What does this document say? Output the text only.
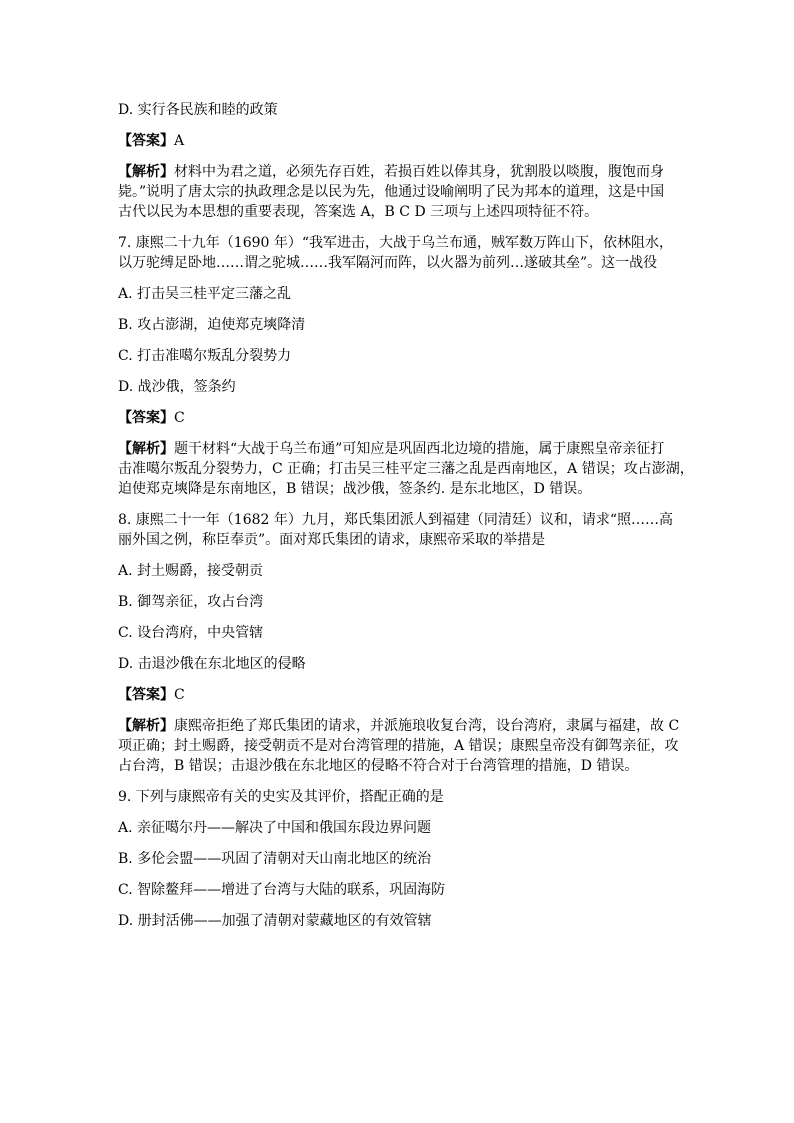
D. 实行各民族和睦的政策
【答案】A
【解析】材料中为君之道，必须先存百姓，若损百姓以俸其身，犹割股以啖腹，腹饱而身
毙。”说明了唐太宗的执政理念是以民为先，他通过设喻阐明了民为邦本的道理，这是中国
古代以民为本思想的重要表现，答案选 A，B C D 三项与上述四项特征不符。
7. 康熙二十九年（1690 年）“我军进击，大战于乌兰布通，贼军数万阵山下，依林阻水，
以万驼缚足卧地……谓之驼城……我军隔河而阵，以火器为前列…遂破其垒”。这一战役
A. 打击吴三桂平定三藩之乱
B. 攻占澎湖，迫使郑克塽降清
C. 打击准噶尔叛乱分裂势力
D. 战沙俄，签条约
【答案】C
【解析】题干材料“大战于乌兰布通”可知应是巩固西北边境的措施，属于康熙皇帝亲征打
击准噶尔叛乱分裂势力，C 正确；打击吴三桂平定三藩之乱是西南地区，A 错误；攻占澎湖，
迫使郑克塽降是东南地区，B 错误；战沙俄，签条约. 是东北地区，D 错误。
8. 康熙二十一年（1682 年）九月，郑氏集团派人到福建（同清廷）议和，请求“照……高
丽外国之例，称臣奉贡”。面对郑氏集团的请求，康熙帝采取的举措是
A. 封土赐爵，接受朝贡
B. 御驾亲征，攻占台湾
C. 设台湾府，中央管辖
D. 击退沙俄在东北地区的侵略
【答案】C
【解析】康熙帝拒绝了郑氏集团的请求，并派施琅收复台湾，设台湾府，隶属与福建，故 C
项正确；封土赐爵，接受朝贡不是对台湾管理的措施，A 错误；康熙皇帝没有御驾亲征，攻
占台湾，B 错误；击退沙俄在东北地区的侵略不符合对于台湾管理的措施，D 错误。
9. 下列与康熙帝有关的史实及其评价，搭配正确的是
A. 亲征噶尔丹——解决了中国和俄国东段边界问题
B. 多伦会盟——巩固了清朝对天山南北地区的统治
C. 智除鳌拜——增进了台湾与大陆的联系，巩固海防
D. 册封活佛——加强了清朝对蒙藏地区的有效管辖
